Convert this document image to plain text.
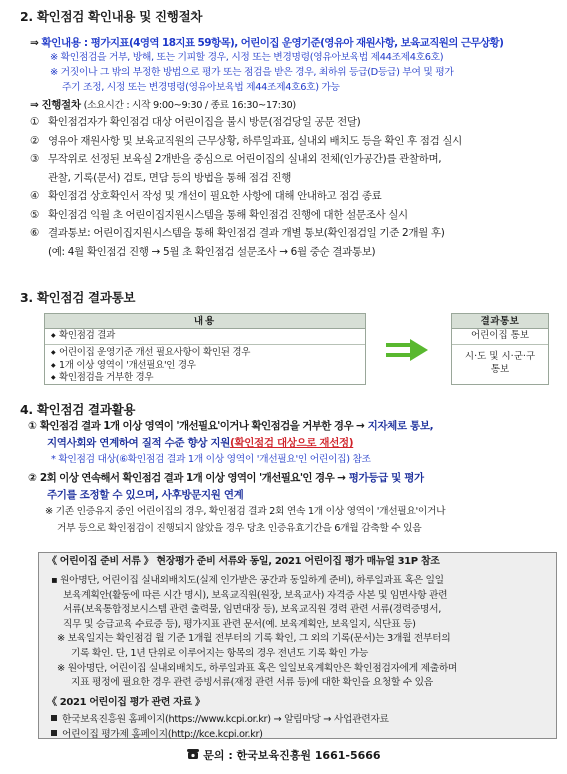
2. 확인점검 확인내용 및 진행절차
⇒ 확인내용 : 평가지표(4영역 18지표 59항목), 어린이집 운영기준(영유아 재원사항, 보육교직원의 근무상황)
※ 확인점검을 거부, 방해, 또는 기피할 경우, 시정 또는 변경명령(영유아보육법 제44조제4호6호)
※ 거짓이나 그 밖의 부정한 방법으로 평가 또는 점검을 받은 경우, 최하위 등급(D등급) 부여 및 평가
주기 조정, 시정 또는 변경명령(영유아보육법 제44조제4호6호) 가능
⇒ 진행절차 (소요시간 : 시작 9:00~9:30 / 종료 16:30~17:30)
① 확인점검자가 확인점검 대상 어린이집을 불시 방문(점검당일 공문 전달)
② 영유아 재원사항 및 보육교직원의 근무상황, 하루일과표, 실내외 배치도 등을 확인 후 점검 실시
③ 무작위로 선정된 보육실 2개반을 중심으로 어린이집의 실내외 전체(인가공간)를 관찰하며,
관찰, 기록(문서) 검토, 면담 등의 방법을 통해 점검 진행
④ 확인점검 상호확인서 작성 및 개선이 필요한 사항에 대해 안내하고 점검 종료
⑤ 확인점검 익월 초 어린이집지원시스템을 통해 확인점검 진행에 대한 설문조사 실시
⑥ 결과통보: 어린이집지원시스템을 통해 확인점검 결과 개별 통보(확인점검일 기준 2개월 후)
(예: 4월 확인점검 진행 → 5월 초 확인점검 설문조사 → 6월 중순 결과통보)
3. 확인점검 결과통보
내용
◆ 확인점검 결과
◆ 어린이집 운영기준 개선 필요사항이 확인된 경우
◆ 1개 이상 영역이 '개선필요'인 경우
◆ 확인점검을 거부한 경우
결과통보
어린이집 통보
시·도 및 시·군·구
통보
4. 확인점검 결과활용
① 확인점검 결과 1개 이상 영역이 '개선필요'이거나 확인점검을 거부한 경우 → 지자체로 통보,
지역사회와 연계하여 질적 수준 향상 지원(확인점검 대상으로 재선정)
* 확인점검 대상(⑥확인점검 결과 1개 이상 영역이 '개선필요'인 어린이집) 참조
② 2회 이상 연속해서 확인점검 결과 1개 이상 영역이 '개선필요'인 경우 → 평가등급 및 평가
주기를 조정할 수 있으며, 사후방문지원 연계
※ 기존 인증유지 중인 어린이집의 경우, 확인점검 결과 2회 연속 1개 이상 영역이 '개선필요'이거나
거부 등으로 확인점검이 진행되지 않았을 경우 당초 인증유효기간을 6개월 감축할 수 있음
《 어린이집 준비 서류 》 현장평가 준비 서류와 동일, 2021 어린이집 평가 매뉴얼 31P 참조
▪ 원아명단, 어린이집 실내외배치도(실제 인가받은 공간과 동일하게 준비), 하루일과표 혹은 일일
보육계획안(활동에 따른 시간 명시), 보육교직원(원장, 보육교사) 자격증 사본 및 임면사항 관련
서류(보육통합정보시스템 관련 출력물, 임면대장 등), 보육교직원 경력 관련 서류(경력증명서,
직무 및 승급교육 수료증 등), 평가지표 관련 문서(예. 보육계획안, 보육일지, 식단표 등)
※ 보육일지는 확인점검 월 기준 1개월 전부터의 기록 확인, 그 외의 기록(문서)는 3개월 전부터의
기록 확인. 단, 1년 단위로 이루어지는 항목의 경우 전년도 기록 확인 가능
※ 원아명단, 어린이집 실내외배치도, 하루일과표 혹은 일일보육계획안은 확인점검자에게 제출하며
지표 평정에 필요한 경우 관련 증빙서류(재정 관련 서류 등)에 대한 확인을 요청할 수 있음
《 2021 어린이집 평가 관련 자료 》
한국보육진흥원 홈페이지(https://www.kcpi.or.kr) → 알림마당 → 사업관련자료
어린이집 평가제 홈페이지(http://kce.kcpi.or.kr)
문의 : 한국보육진흥원 1661-5666
